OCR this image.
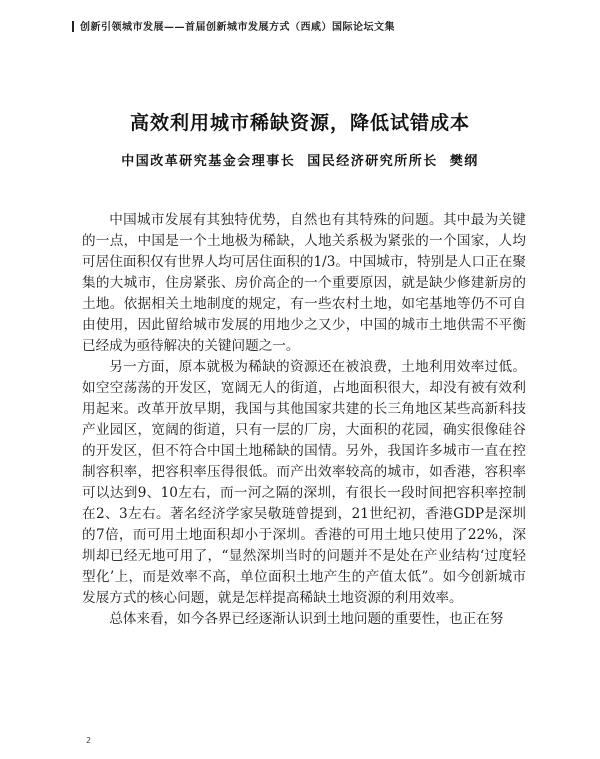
创新引领城市发展——首届创新城市发展方式（西咸）国际论坛文集
高效利用城市稀缺资源，降低试错成本
中国改革研究基金会理事长 国民经济研究所所长 樊纲

中国城市发展有其独特优势，自然也有其特殊的问题。其中最为关键的一点，中国是一个土地极为稀缺，人地关系极为紧张的一个国家，人均可居住面积仅有世界人均可居住面积的1/3。中国城市，特别是人口正在聚集的大城市，住房紧张、房价高企的一个重要原因，就是缺少修建新房的土地。依据相关土地制度的规定，有一些农村土地，如宅基地等仍不可自由使用，因此留给城市发展的用地少之又少，中国的城市土地供需不平衡已经成为亟待解决的关键问题之一。

另一方面，原本就极为稀缺的资源还在被浪费，土地利用效率过低。如空空荡荡的开发区，宽阔无人的街道，占地面积很大，却没有被有效利用起来。改革开放早期，我国与其他国家共建的长三角地区某些高新科技产业园区，宽阔的街道，只有一层的厂房，大面积的花园，确实很像硅谷的开发区，但不符合中国土地稀缺的国情。另外，我国许多城市一直在控制容积率，把容积率压得很低。而产出效率较高的城市，如香港，容积率可以达到9、10左右，而一河之隔的深圳，有很长一段时间把容积率控制在2、3左右。著名经济学家吴敬琏曾提到，21世纪初，香港GDP是深圳的7倍，而可用土地面积却小于深圳。香港的可用土地只使用了22%，深圳却已经无地可用了，“显然深圳当时的问题并不是处在产业结构‘过度轻型化’上，而是效率不高，单位面积土地产生的产值太低”。如今创新城市发展方式的核心问题，就是怎样提高稀缺土地资源的利用效率。

总体来看，如今各界已经逐渐认识到土地问题的重要性，也正在努

2
